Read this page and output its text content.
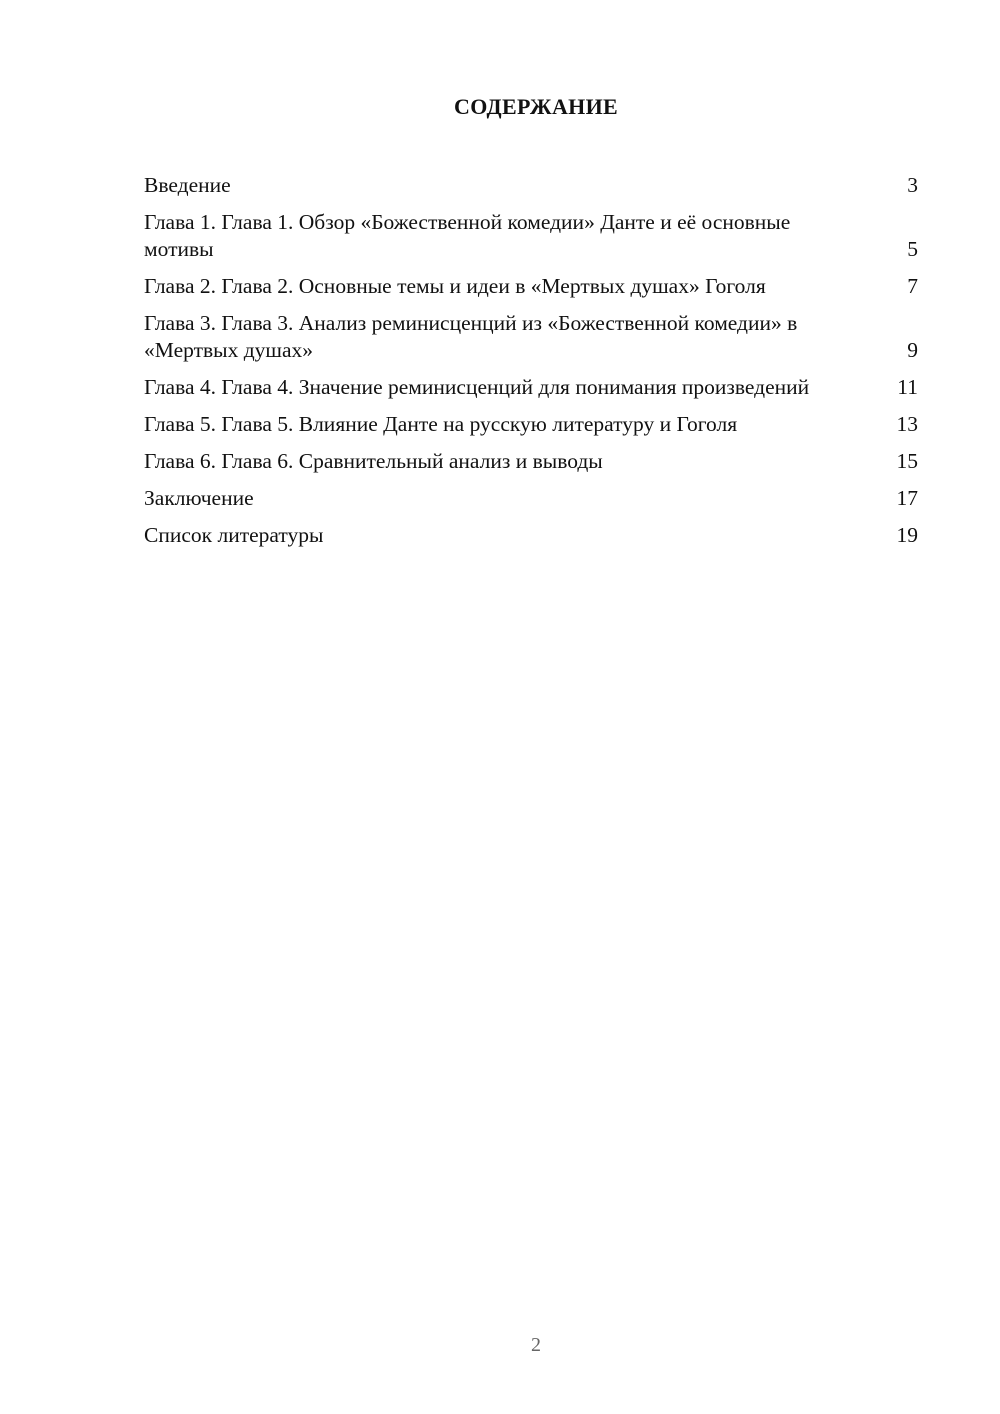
СОДЕРЖАНИЕ
Введение	3
Глава 1. Глава 1. Обзор «Божественной комедии» Данте и её основные мотивы	5
Глава 2. Глава 2. Основные темы и идеи в «Мертвых душах» Гоголя	7
Глава 3. Глава 3. Анализ реминисценций из «Божественной комедии» в «Мертвых душах»	9
Глава 4. Глава 4. Значение реминисценций для понимания произведений	11
Глава 5. Глава 5. Влияние Данте на русскую литературу и Гоголя	13
Глава 6. Глава 6. Сравнительный анализ и выводы	15
Заключение	17
Список литературы	19
2
